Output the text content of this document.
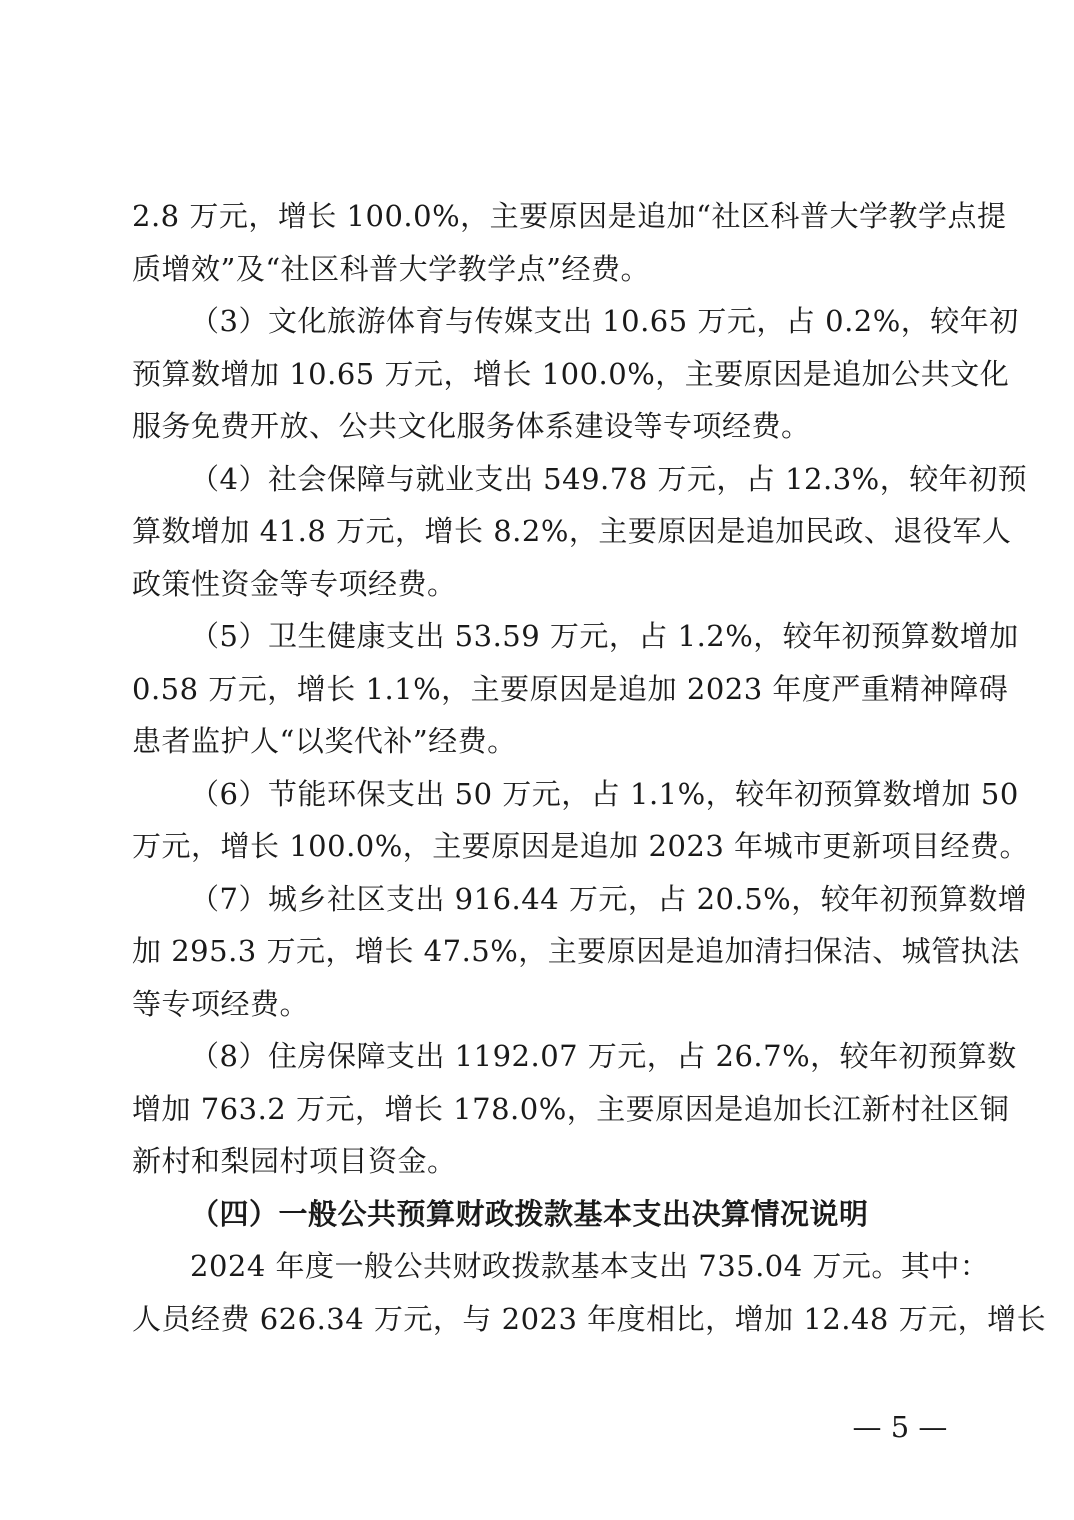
2.8 万元，增长 100.0%，主要原因是追加“社区科普大学教学点提
质增效”及“社区科普大学教学点”经费。
（3）文化旅游体育与传媒支出 10.65 万元，占 0.2%，较年初
预算数增加 10.65 万元，增长 100.0%，主要原因是追加公共文化
服务免费开放、公共文化服务体系建设等专项经费。
（4）社会保障与就业支出 549.78 万元，占 12.3%，较年初预
算数增加 41.8 万元，增长 8.2%，主要原因是追加民政、退役军人
政策性资金等专项经费。
（5）卫生健康支出 53.59 万元，占 1.2%，较年初预算数增加
0.58 万元，增长 1.1%，主要原因是追加 2023 年度严重精神障碍
患者监护人“以奖代补”经费。
（6）节能环保支出 50 万元，占 1.1%，较年初预算数增加 50
万元，增长 100.0%，主要原因是追加 2023 年城市更新项目经费。
（7）城乡社区支出 916.44 万元，占 20.5%，较年初预算数增
加 295.3 万元，增长 47.5%，主要原因是追加清扫保洁、城管执法
等专项经费。
（8）住房保障支出 1192.07 万元，占 26.7%，较年初预算数
增加 763.2 万元，增长 178.0%，主要原因是追加长江新村社区铜
新村和梨园村项目资金。
（四）一般公共预算财政拨款基本支出决算情况说明
2024 年度一般公共财政拨款基本支出 735.04 万元。其中：
人员经费 626.34 万元，与 2023 年度相比，增加 12.48 万元，增长
— 5 —
